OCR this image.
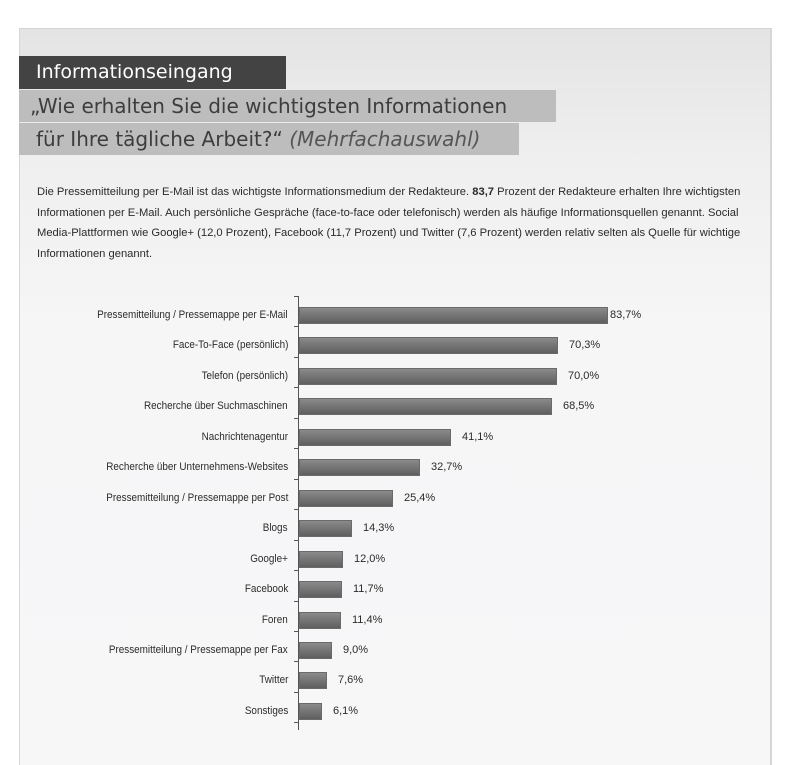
Informationseingang
„Wie erhalten Sie die wichtigsten Informationen
für Ihre tägliche Arbeit?“ (Mehrfachauswahl)

Die Pressemitteilung per E-Mail ist das wichtigste Informationsmedium der Redakteure. 83,7 Prozent der Redakteure erhalten Ihre wichtigsten Informationen per E-Mail. Auch persönliche Gespräche (face-to-face oder telefonisch) werden als häufige Informationsquellen genannt. Social Media-Plattformen wie Google+ (12,0 Prozent), Facebook (11,7 Prozent) und Twitter (7,6 Prozent) werden relativ selten als Quelle für wichtige Informationen genannt.

Pressemitteilung / Pressemappe per E-Mail	83,7%
Face-To-Face (persönlich)	70,3%
Telefon (persönlich)	70,0%
Recherche über Suchmaschinen	68,5%
Nachrichtenagentur	41,1%
Recherche über Unternehmens-Websites	32,7%
Pressemitteilung / Pressemappe per Post	25,4%
Blogs	14,3%
Google+	12,0%
Facebook	11,7%
Foren	11,4%
Pressemitteilung / Pressemappe per Fax	9,0%
Twitter	7,6%
Sonstiges	6,1%
